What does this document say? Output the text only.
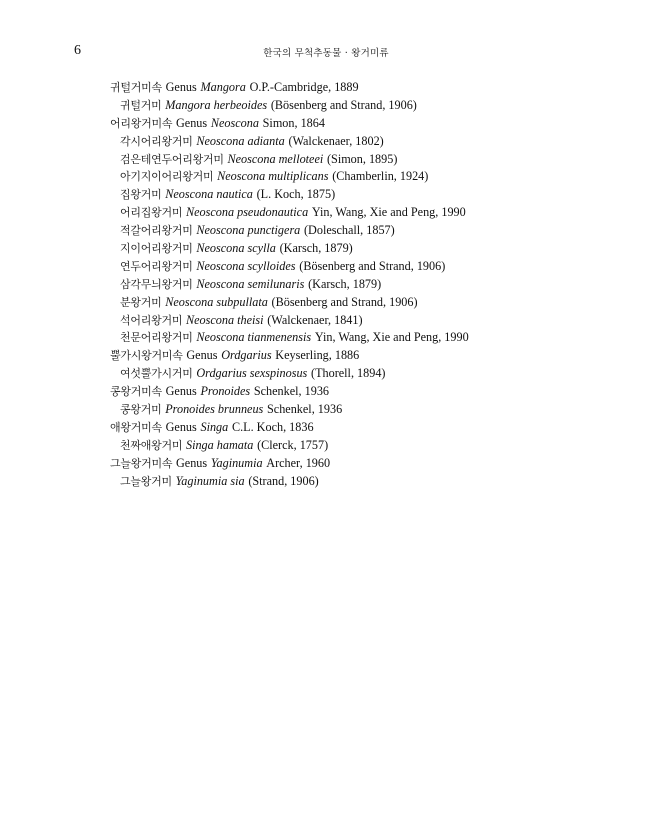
6	한국의 무척추동물 · 왕거미류
귀털거미속 Genus Mangora O.P.-Cambridge, 1889
귀털거미 Mangora herbeoides (Bösenberg and Strand, 1906)
어리왕거미속 Genus Neoscona Simon, 1864
각시어리왕거미 Neoscona adianta (Walckenaer, 1802)
검은테연두어리왕거미 Neoscona melloteei (Simon, 1895)
아기지이어리왕거미 Neoscona multiplicans (Chamberlin, 1924)
집왕거미 Neoscona nautica (L. Koch, 1875)
어리집왕거미 Neoscona pseudonautica Yin, Wang, Xie and Peng, 1990
적갈어리왕거미 Neoscona punctigera (Doleschall, 1857)
지이어리왕거미 Neoscona scylla (Karsch, 1879)
연두어리왕거미 Neoscona scylloides (Bösenberg and Strand, 1906)
삼각무늬왕거미 Neoscona semilunaris (Karsch, 1879)
분왕거미 Neoscona subpullata (Bösenberg and Strand, 1906)
석어리왕거미 Neoscona theisi (Walckenaer, 1841)
천문어리왕거미 Neoscona tianmenensis Yin, Wang, Xie and Peng, 1990
뿔가시왕거미속 Genus Ordgarius Keyserling, 1886
여섯뿔가시거미 Ordgarius sexspinosus (Thorell, 1894)
콩왕거미속 Genus Pronoides Schenkel, 1936
콩왕거미 Pronoides brunneus Schenkel, 1936
애왕거미속 Genus Singa C.L. Koch, 1836
천짜애왕거미 Singa hamata (Clerck, 1757)
그늘왕거미속 Genus Yaginumia Archer, 1960
그늘왕거미 Yaginumia sia (Strand, 1906)
